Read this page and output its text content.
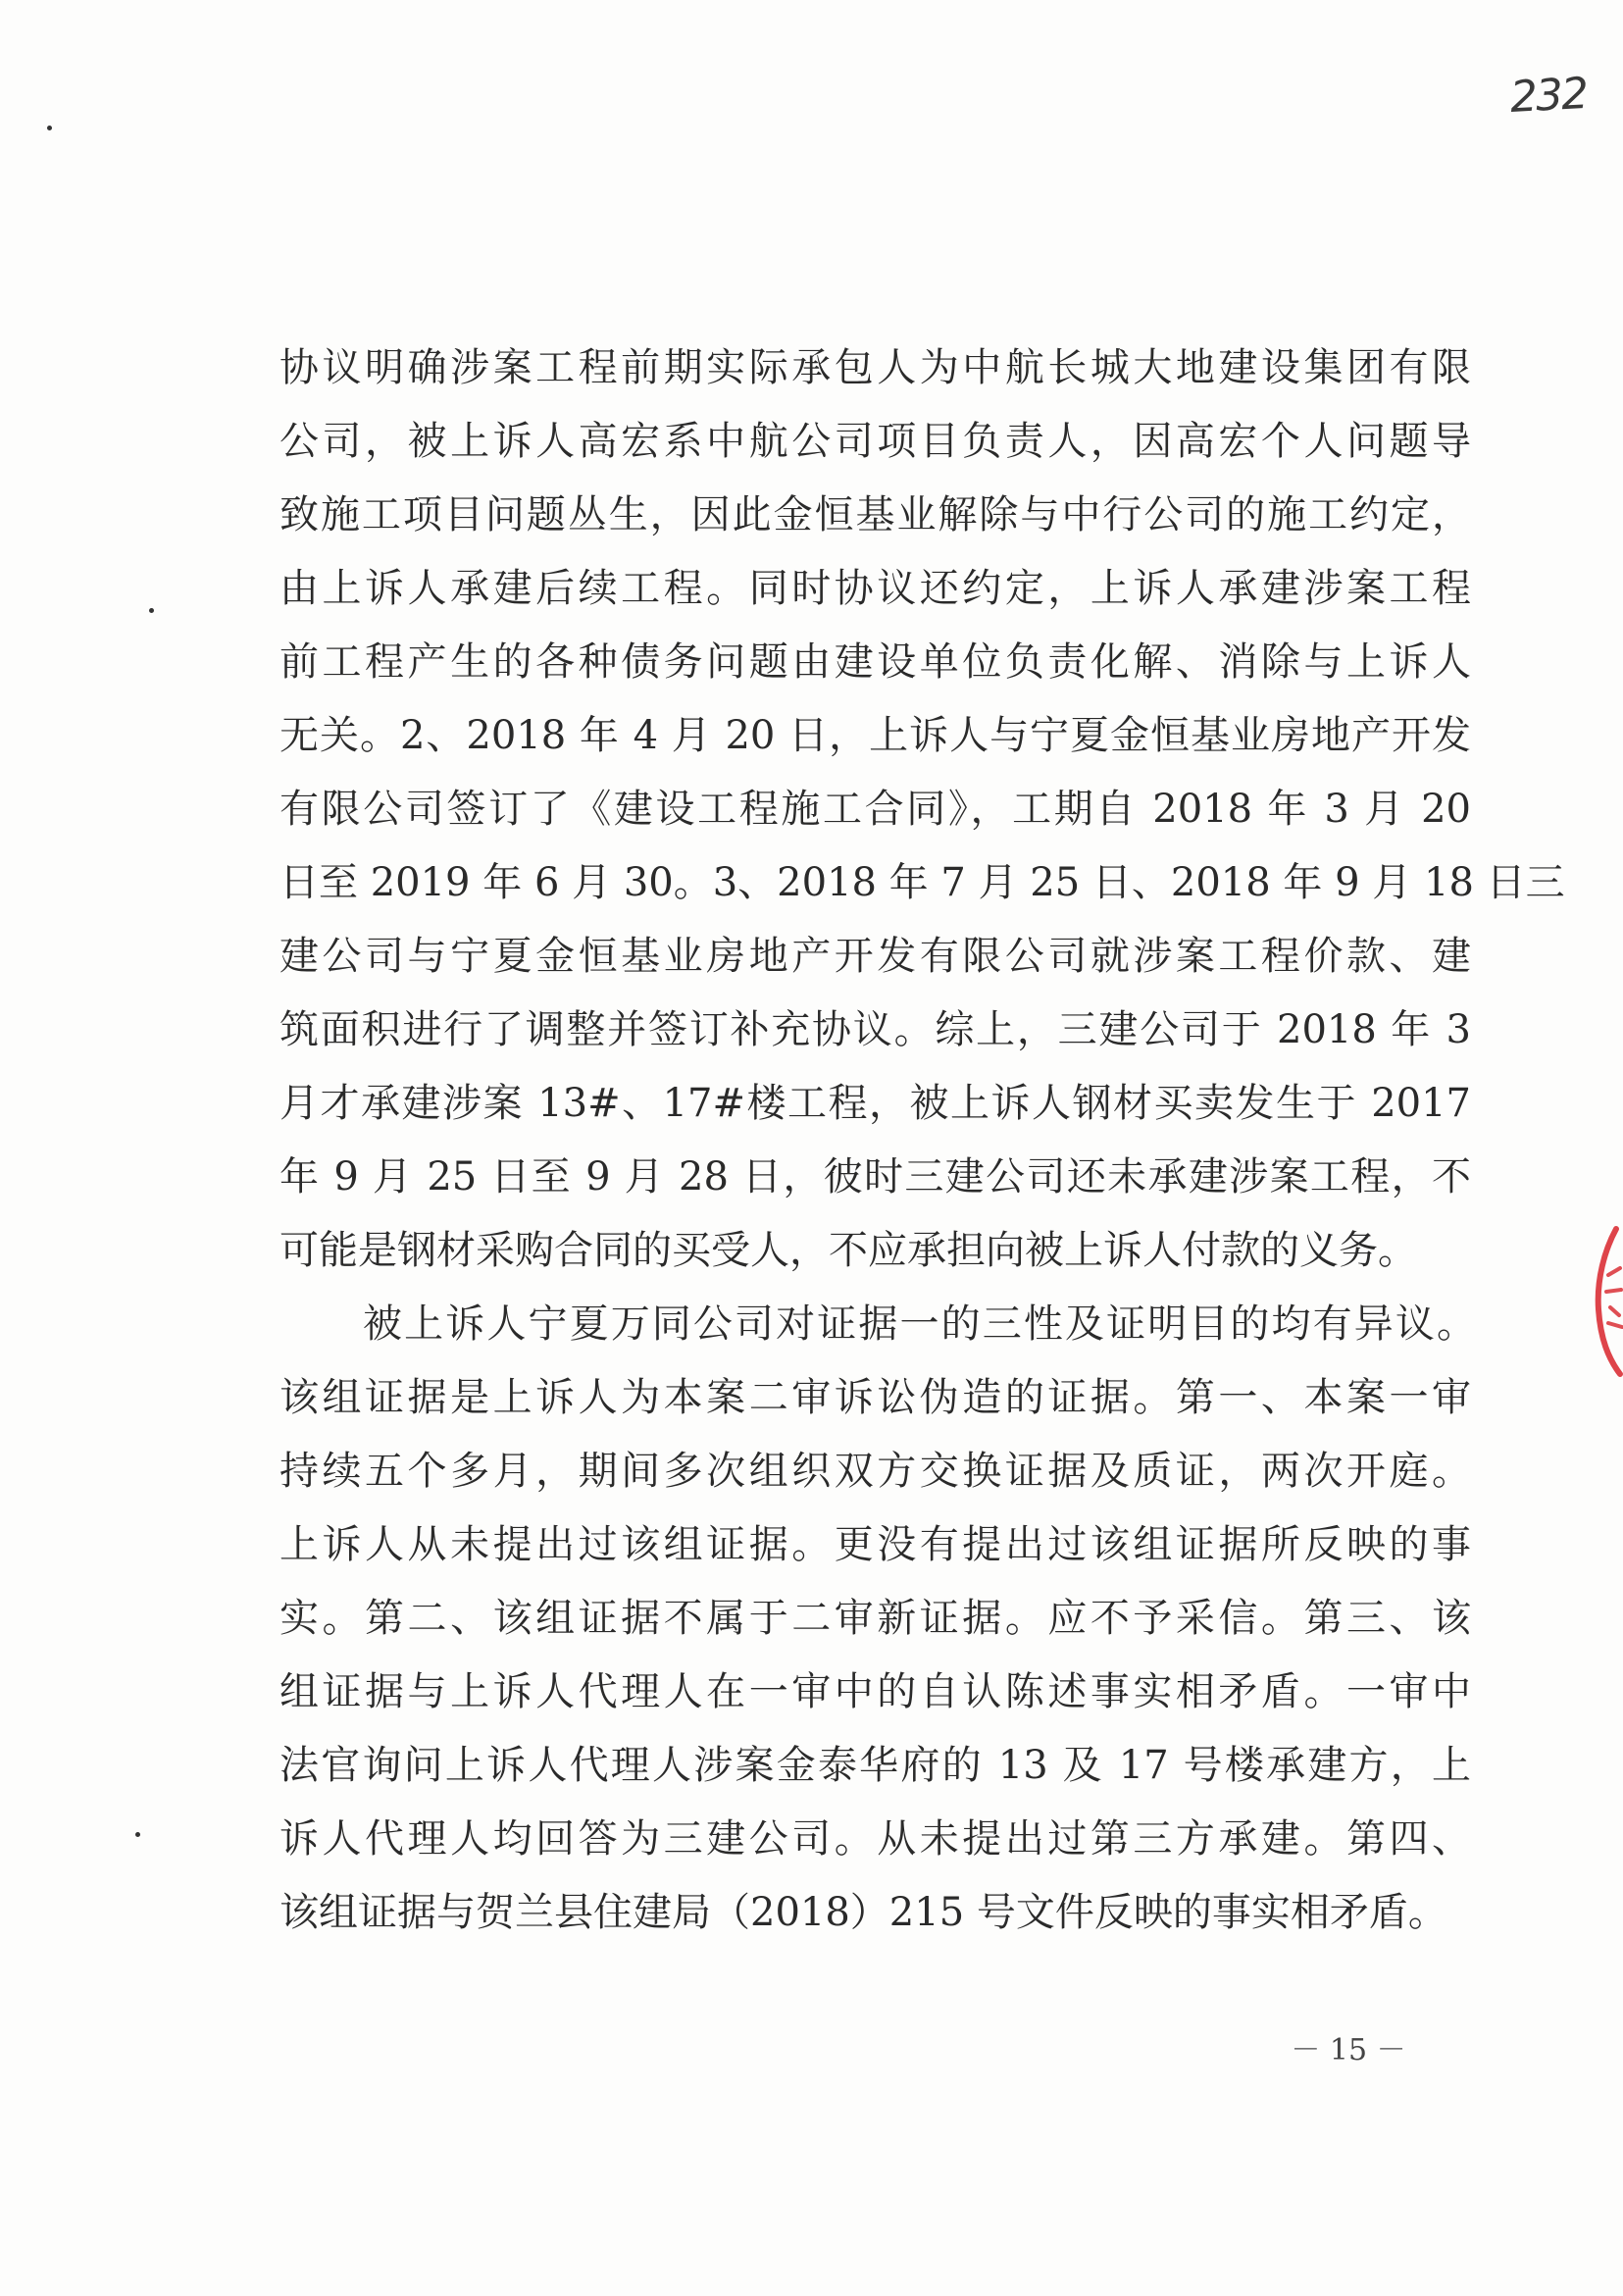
232
协议明确涉案工程前期实际承包人为中航长城大地建设集团有限
公司，被上诉人高宏系中航公司项目负责人，因高宏个人问题导
致施工项目问题丛生，因此金恒基业解除与中行公司的施工约定，
由上诉人承建后续工程。同时协议还约定，上诉人承建涉案工程
前工程产生的各种债务问题由建设单位负责化解、消除与上诉人
无关。2、2018 年 4 月 20 日，上诉人与宁夏金恒基业房地产开发
有限公司签订了《建设工程施工合同》，工期自 2018 年 3 月 20
日至 2019 年 6 月 30。3、2018 年 7 月 25 日、2018 年 9 月 18 日三
建公司与宁夏金恒基业房地产开发有限公司就涉案工程价款、建
筑面积进行了调整并签订补充协议。综上，三建公司于 2018 年 3
月才承建涉案 13#、17#楼工程，被上诉人钢材买卖发生于 2017
年 9 月 25 日至 9 月 28 日，彼时三建公司还未承建涉案工程，不
可能是钢材采购合同的买受人，不应承担向被上诉人付款的义务。
被上诉人宁夏万同公司对证据一的三性及证明目的均有异议。
该组证据是上诉人为本案二审诉讼伪造的证据。第一、本案一审
持续五个多月，期间多次组织双方交换证据及质证，两次开庭。
上诉人从未提出过该组证据。更没有提出过该组证据所反映的事
实。第二、该组证据不属于二审新证据。应不予采信。第三、该
组证据与上诉人代理人在一审中的自认陈述事实相矛盾。一审中
法官询问上诉人代理人涉案金泰华府的 13 及 17 号楼承建方，上
诉人代理人均回答为三建公司。从未提出过第三方承建。第四、
该组证据与贺兰县住建局（2018）215 号文件反映的事实相矛盾。
－ 15 －
